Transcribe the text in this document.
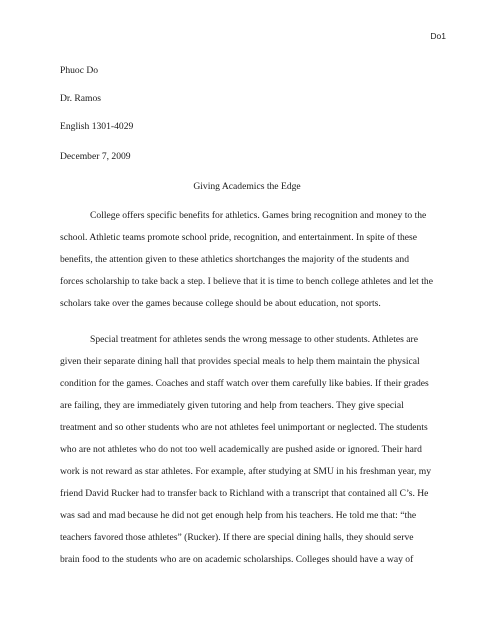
Do1
Phuoc Do
Dr. Ramos
English 1301-4029
December 7, 2009
Giving Academics the Edge
College offers specific benefits for athletics. Games bring recognition and money to the
school. Athletic teams promote school pride, recognition, and entertainment. In spite of these
benefits, the attention given to these athletics shortchanges the majority of the students and
forces scholarship to take back a step. I believe that it is time to bench college athletes and let the
scholars take over the games because college should be about education, not sports.
Special treatment for athletes sends the wrong message to other students. Athletes are
given their separate dining hall that provides special meals to help them maintain the physical
condition for the games. Coaches and staff watch over them carefully like babies. If their grades
are failing, they are immediately given tutoring and help from teachers. They give special
treatment and so other students who are not athletes feel unimportant or neglected. The students
who are not athletes who do not too well academically are pushed aside or ignored. Their hard
work is not reward as star athletes. For example, after studying at SMU in his freshman year, my
friend David Rucker had to transfer back to Richland with a transcript that contained all C’s. He
was sad and mad because he did not get enough help from his teachers. He told me that: “the
teachers favored those athletes” (Rucker). If there are special dining halls, they should serve
brain food to the students who are on academic scholarships. Colleges should have a way of
